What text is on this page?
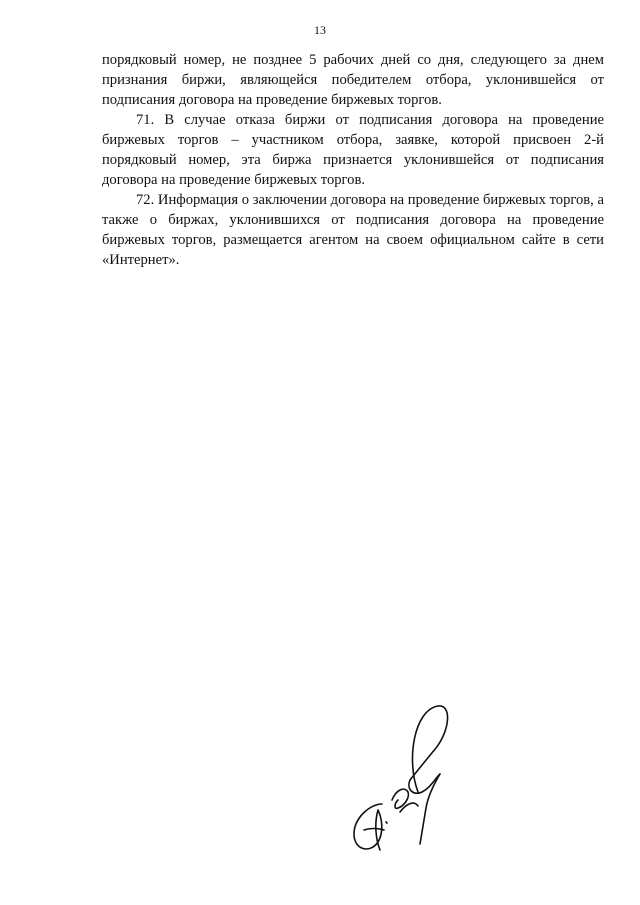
13

порядковый номер, не позднее 5 рабочих дней со дня, следующего за днем признания биржи, являющейся победителем отбора, уклонившейся от подписания договора на проведение биржевых торгов.

71. В случае отказа биржи от подписания договора на проведение биржевых торгов – участником отбора, заявке, которой присвоен 2-й порядковый номер, эта биржа признается уклонившейся от подписания договора на проведение биржевых торгов.

72. Информация о заключении договора на проведение биржевых торгов, а также о биржах, уклонившихся от подписания договора на проведение биржевых торгов, размещается агентом на своем официальном сайте в сети «Интернет».
